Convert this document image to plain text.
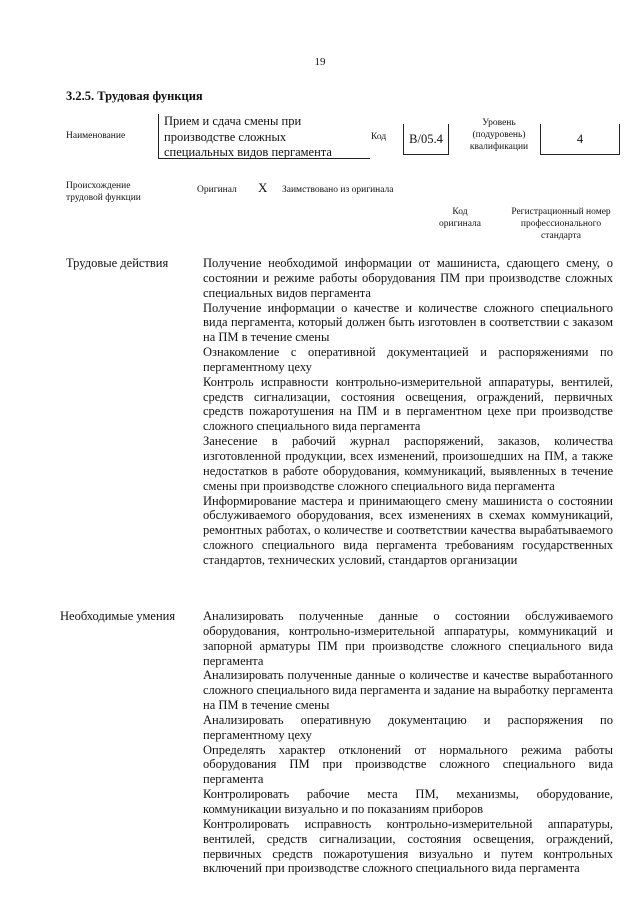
19
3.2.5. Трудовая функция
Наименование
Прием и сдача смены при
производстве сложных
специальных видов пергамента
Код	В/05.4
Уровень
(подуровень)
квалификации
4
Происхождение
трудовой функции
Оригинал X Заимствовано из оригинала
Код
оригинала
Регистрационный номер
профессионального
стандарта
Трудовые действия	Получение необходимой информации от машиниста, сдающего смену, о состоянии и режиме работы оборудования ПМ при производстве сложных специальных видов пергамента

Получение информации о качестве и количестве сложного специального вида пергамента, который должен быть изготовлен в соответствии с заказом на ПМ в течение смены

Ознакомление с оперативной документацией и распоряжениями по пергаментному цеху

Контроль исправности контрольно-измерительной аппаратуры, вентилей, средств сигнализации, состояния освещения, ограждений, первичных средств пожаротушения на ПМ и в пергаментном цехе при производстве сложного специального вида пергамента

Занесение в рабочий журнал распоряжений, заказов, количества изготовленной продукции, всех изменений, произошедших на ПМ, а также недостатков в работе оборудования, коммуникаций, выявленных в течение смены при производстве сложного специального вида пергамента

Информирование мастера и принимающего смену машиниста о состоянии обслуживаемого оборудования, всех изменениях в схемах коммуникаций, ремонтных работах, о количестве и соответствии качества вырабатываемого сложного специального вида пергамента требованиям государственных стандартов, технических условий, стандартов организации

Необходимые умения Анализировать полученные данные о состоянии обслуживаемого оборудования, контрольно-измерительной аппаратуры, коммуникаций и запорной арматуры ПМ при производстве сложного специального вида пергамента

Анализировать полученные данные о количестве и качестве выработанного сложного специального вида пергамента и задание на выработку пергамента на ПМ в течение смены

Анализировать оперативную документацию и распоряжения по пергаментному цеху

Определять характер отклонений от нормального режима работы оборудования ПМ при производстве сложного специального вида пергамента

Контролировать рабочие места ПМ, механизмы, оборудование, коммуникации визуально и по показаниям приборов

Контролировать исправность контрольно-измерительной аппаратуры, вентилей, средств сигнализации, состояния освещения, ограждений, первичных средств пожаротушения визуально и путем контрольных включений при производстве сложного специального вида пергамента
